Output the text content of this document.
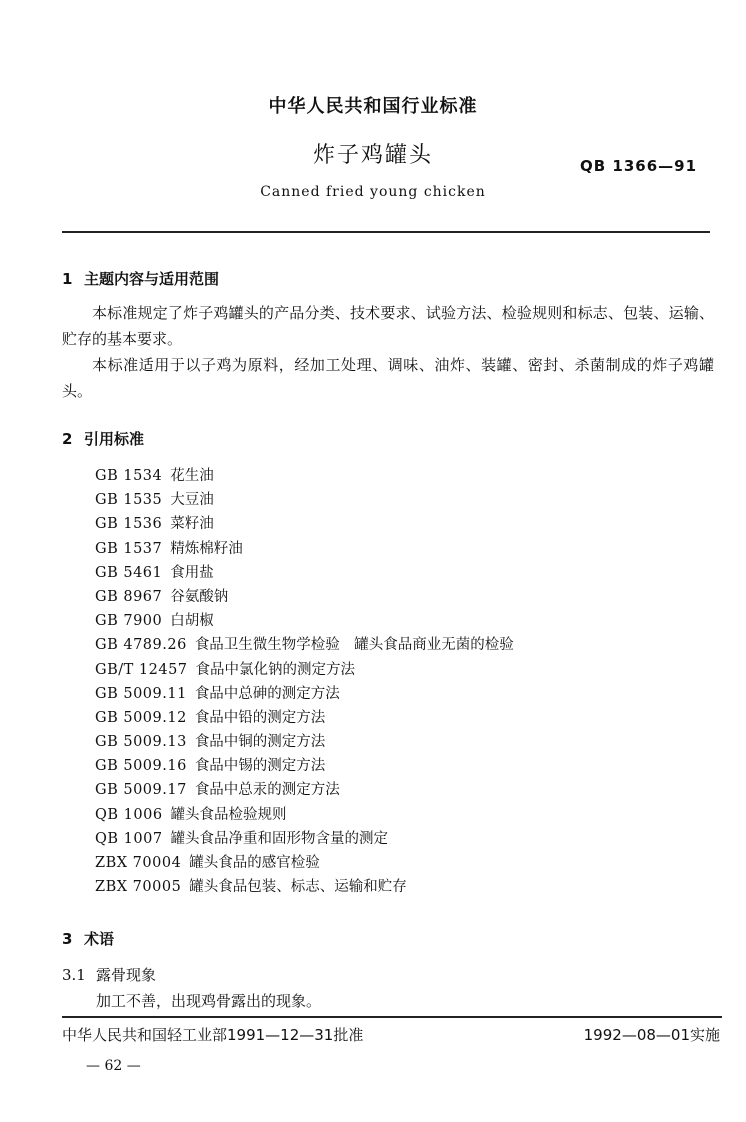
中华人民共和国行业标准
炸子鸡罐头	QB 1366—91
Canned fried young chicken
1 主题内容与适用范围

本标准规定了炸子鸡罐头的产品分类、技术要求、试验方法、检验规则和标志、包装、运输、贮存的基本要求。

本标准适用于以子鸡为原料，经加工处理、调味、油炸、装罐、密封、杀菌制成的炸子鸡罐头。

2 引用标准
GB 1534 花生油
GB 1535 大豆油
GB 1536 菜籽油
GB 1537 精炼棉籽油
GB 5461 食用盐
GB 8967 谷氨酸钠
GB 7900 白胡椒
GB 4789.26 食品卫生微生物学检验　罐头食品商业无菌的检验
GB/T 12457 食品中氯化钠的测定方法
GB 5009.11 食品中总砷的测定方法
GB 5009.12 食品中铅的测定方法
GB 5009.13 食品中铜的测定方法
GB 5009.16 食品中锡的测定方法
GB 5009.17 食品中总汞的测定方法
QB 1006 罐头食品检验规则
QB 1007 罐头食品净重和固形物含量的测定
ZBX 70004 罐头食品的感官检验
ZBX 70005 罐头食品包装、标志、运输和贮存
3 术语
3.1 露骨现象
加工不善，出现鸡骨露出的现象。
中华人民共和国轻工业部1991—12—31批准	1992—08—01实施
— 62 —
